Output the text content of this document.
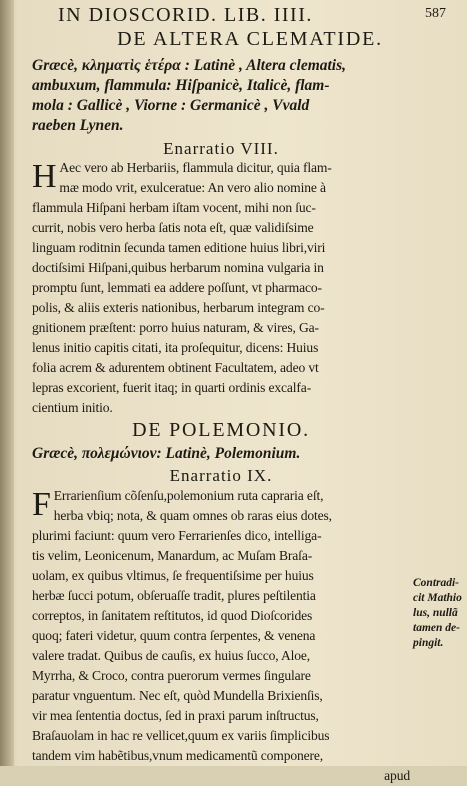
IN DIOSCORID. LIB. IIII.	587
DE ALTERA CLEMATIDE.
Græcè, κληματὶς ἑτέρα : Latinè , Altera clematis,
ambuxum, flammula: Hiſpanicè, Italicè, flam-
mola : Gallicè , Viorne : Germanicè , Vvald
raeben Lynen.
Enarratio VIII.
H Aec vero ab Herbariis, flammula dicitur, quia flam-
mæ modo vrit, exulceratue: An vero alio nomine à
flammula Hiſpani herbam iſtam vocent, mihi non ſuc-
currit, nobis vero herba ſatis nota eſt, quæ validiſsime
linguam roditnin ſecunda tamen editione huius libri,viri
doctiſsimi Hiſpani,quibus herbarum nomina vulgaria in
promptu ſunt, lemmati ea addere poſſunt, vt pharmaco-
polis, & aliis exteris nationibus, herbarum integram co-
gnitionem præſtent: porro huius naturam, & vires, Ga-
lenus initio capitis citati, ita proſequitur, dicens: Huius
folia acrem & adurentem obtinent Facultatem, adeo vt
lepras excorient, fuerit itaq; in quarti ordinis excalfa-
cientium initio.
DE POLEMONIO.
Græcè, πολεμώνιον: Latinè, Polemonium.
Enarratio IX.
F Errarienſium cõſenſu,polemonium ruta capraria eſt,
herba vbiq; nota, & quam omnes ob raras eius dotes,
plurimi faciunt: quum vero Ferrarienſes dico, intelliga-
tis velim, Leonicenum, Manardum, ac Muſam Braſa-
uolam, ex quibus vltimus, ſe frequentiſsime per huius
herbæ ſucci potum, obſeruaſſe tradit, plures peſtilentia
correptos, in ſanitatem reſtitutos, id quod Dioſcorides
quoq; fateri videtur, quum contra ſerpentes, & venena
valere tradat. Quibus de cauſis, ex huius ſucco, Aloe,
Myrrha, & Croco, contra puerorum vermes ſingulare
paratur vnguentum. Nec eſt, quòd Mundella Brixienſis,
vir mea ſententia doctus, ſed in praxi parum inſtructus,
Braſauolam in hac re vellicet,quum ex variis ſimplicibus
tandem vim habẽtibus,vnum medicamentũ componere,
apud
Contradi-
cit Mathio
lus, nullã
tamen de-
pingit.
